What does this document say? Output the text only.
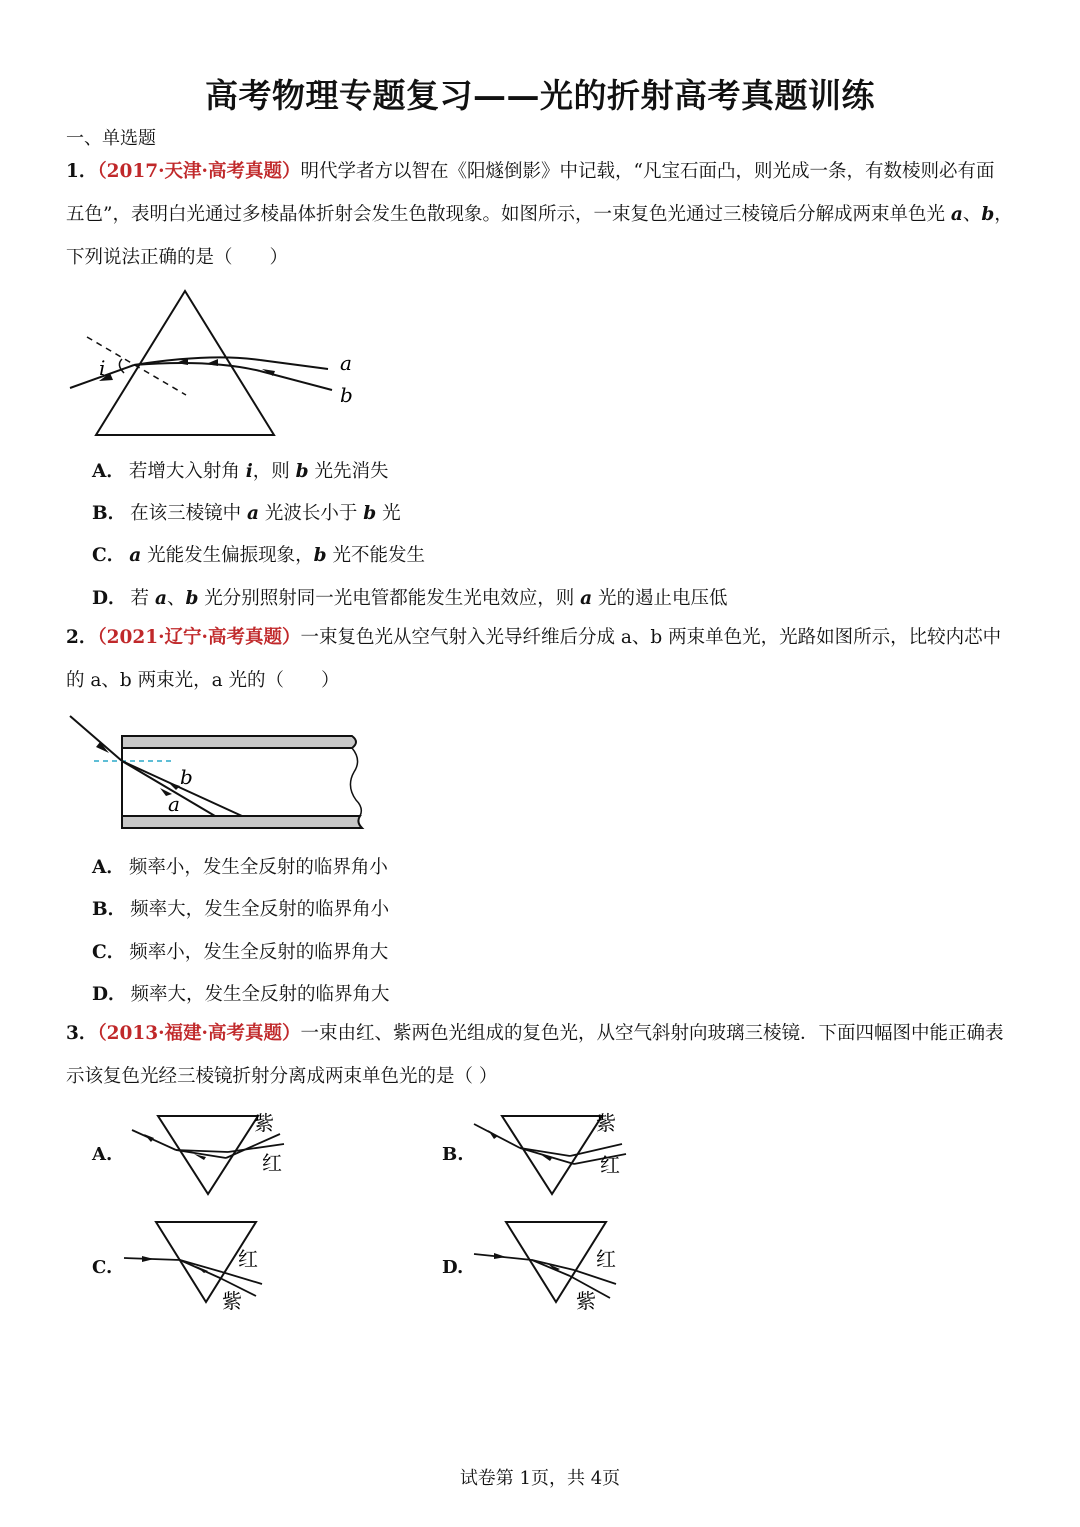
高考物理专题复习——光的折射高考真题训练
一、单选题
1．（2017·天津·高考真题）明代学者方以智在《阳燧倒影》中记载，“凡宝石面凸，则光成一条，有数棱则必有面
五色”，表明白光通过多棱晶体折射会发生色散现象。如图所示，一束复色光通过三棱镜后分解成两束单色光 a、b，
下列说法正确的是（　　）
i	a
b
A． 若增大入射角 i，则 b 光先消失
B． 在该三棱镜中 a 光波长小于 b 光
C． a 光能发生偏振现象，b 光不能发生
D． 若 a、b 光分别照射同一光电管都能发生光电效应，则 a 光的遏止电压低
2．（2021·辽宁·高考真题）一束复色光从空气射入光导纤维后分成 a、b 两束单色光，光路如图所示，比较内芯中
的 a、b 两束光，a 光的（　　）
b
a
A． 频率小，发生全反射的临界角小
B． 频率大，发生全反射的临界角小
C． 频率小，发生全反射的临界角大
D． 频率大，发生全反射的临界角大
3．（2013·福建·高考真题）一束由红、紫两色光组成的复色光，从空气斜射向玻璃三棱镜．下面四幅图中能正确表
示该复色光经三棱镜折射分离成两束单色光的是（ ）
A.
紫
红	B.
紫
红
C.	红
紫
D.	红
紫
试卷第 1页，共 4页
